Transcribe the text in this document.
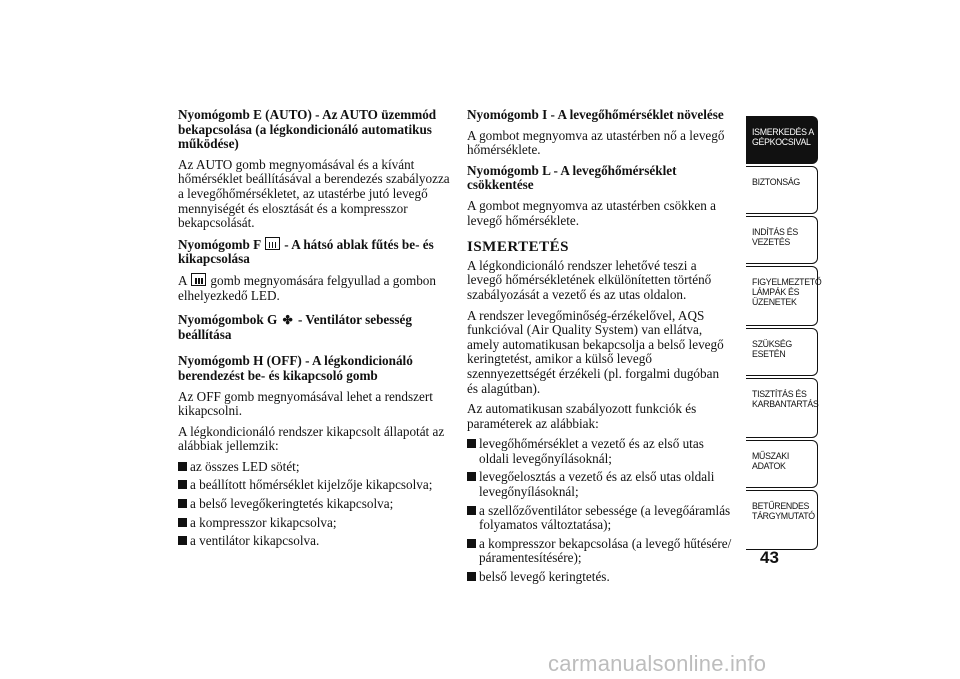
Nyomógomb E (AUTO) - Az AUTO üzemmód bekapcsolása (a légkondicionáló automatikus működése)
Az AUTO gomb megnyomásával és a kívánt hőmérséklet beállításával a berendezés szabályozza a levegőhőmérsékletet, az utastérbe jutó levegő mennyiségét és elosztását és a kompresszor bekapcsolását.
Nyomógomb F
- A hátsó ablak fűtés be- és kikapcsolása
A gomb megnyomására felgyullad a gombon elhelyezkedő LED.
Nyomógombok G ✤ - Ventilátor sebesség beállítása
Nyomógomb H (OFF) - A légkondicionáló berendezést be- és kikapcsoló gomb
Az OFF gomb megnyomásával lehet a rendszert kikapcsolni.
A légkondicionáló rendszer kikapcsolt állapotát az alábbiak jellemzik:
az összes LED sötét;
a beállított hőmérséklet kijelzője kikapcsolva;
a belső levegőkeringtetés kikapcsolva;
a kompresszor kikapcsolva;
a ventilátor kikapcsolva.
Nyomógomb I - A levegőhőmérséklet növelése
A gombot megnyomva az utastérben nő a levegő hőmérséklete.
Nyomógomb L - A levegőhőmérséklet csökkentése
A gombot megnyomva az utastérben csökken a levegő hőmérséklete.
ISMERTETÉS
A légkondicionáló rendszer lehetővé teszi a levegő hőmérsékletének elkülönítetten történő szabályozását a vezető és az utas oldalon.
A rendszer levegőminőség-érzékelővel, AQS funkcióval (Air Quality System) van ellátva, amely automatikusan bekapcsolja a belső levegő keringtetést, amikor a külső levegő szennyezettségét érzékeli (pl. forgalmi dugóban és alagútban).
Az automatikusan szabályozott funkciók és paraméterek az alábbiak:
levegőhőmérséklet a vezető és az első utas oldali levegőnyílásoknál;
levegőelosztás a vezető és az első utas oldali levegőnyílásoknál;
a szellőzőventilátor sebessége (a levegőáramlás folyamatos változtatása);
a kompresszor bekapcsolása (a levegő hűtésére/ páramentesítésére);
belső levegő keringtetés.
ISMERKEDÉS A GÉPKOCSIVAL
BIZTONSÁG
INDÍTÁS ÉS VEZETÉS
FIGYELMEZTETŐ LÁMPÁK ÉS ÜZENETEK
SZÜKSÉG ESETÉN
TISZTÍTÁS ÉS KARBANTARTÁS
MŰSZAKI ADATOK
BETŰRENDES TÁRGYMUTATÓ
43
carmanualsonline.info
